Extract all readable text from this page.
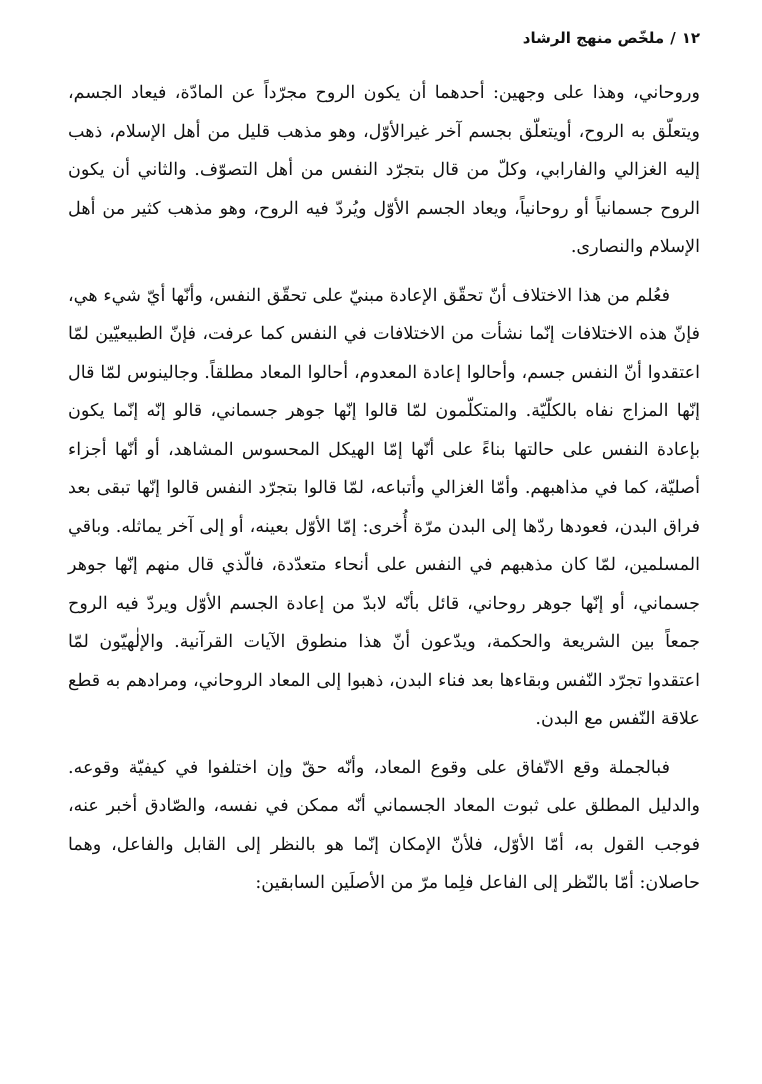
١٢/ملخّص منهج الرشاد

وروحاني، وهذا على وجهين: أحدهما أن يكون الروح مجرّداً عن المادّة، فيعاد الجسم، ويتعلّق به الروح، أويتعلّق بجسم آخر غيرالأوّل، وهو مذهب قليل من أهل الإسلام، ذهب إليه الغزالي والفارابي، وكلّ من قال بتجرّد النفس من أهل التصوّف. والثاني أن يكون الروح جسمانياً أو روحانياً، ويعاد الجسم الأوّل ويُردّ فيه الروح، وهو مذهب كثير من أهل الإسلام والنصارى.

فعُلم من هذا الاختلاف أنّ تحقّق الإعادة مبنيّ على تحقّق النفس، وأنّها أيّ شيء هي، فإنّ هذه الاختلافات إنّما نشأت من الاختلافات في النفس كما عرفت، فإنّ الطبيعيّين لمّا اعتقدوا أنّ النفس جسم، وأحالوا إعادة المعدوم، أحالوا المعاد مطلقاً. وجالينوس لمّا قال إنّها المزاج نفاه بالكلّيّة. والمتكلّمون لمّا قالوا إنّها جوهر جسماني، قالو إنّه إنّما يكون بإعادة النفس على حالتها بناءً على أنّها إمّا الهيكل المحسوس المشاهد، أو أنّها أجزاء أصليّة، كما في مذاهبهم. وأمّا الغزالي وأتباعه، لمّا قالوا بتجرّد النفس قالوا إنّها تبقى بعد فراق البدن، فعودها ردّها إلى البدن مرّة أُخرى: إمّا الأوّل بعينه، أو إلى آخر يماثله. وباقي المسلمين، لمّا كان مذهبهم في النفس على أنحاء متعدّدة، فالّذي قال منهم إنّها جوهر جسماني، أو إنّها جوهر روحاني، قائل بأنّه لابدّ من إعادة الجسم الأوّل ويردّ فيه الروح جمعاً بين الشريعة والحكمة، ويدّعون أنّ هذا منطوق الآيات القرآنية. والإلٰهيّون لمّا اعتقدوا تجرّد النّفس وبقاءها بعد فناء البدن، ذهبوا إلى المعاد الروحاني، ومرادهم به قطع علاقة النّفس مع البدن.

فبالجملة وقع الاتّفاق على وقوع المعاد، وأنّه حقّ وإن اختلفوا في كيفيّة وقوعه. والدليل المطلق على ثبوت المعاد الجسماني أنّه ممكن في نفسه، والصّادق أخبر عنه، فوجب القول به، أمّا الأوّل، فلأنّ الإمكان إنّما هو بالنظر إلى القابل والفاعل، وهما حاصلان: أمّا بالنّظر إلى الفاعل فلِما مرّ من الأصلَين السابقين:
